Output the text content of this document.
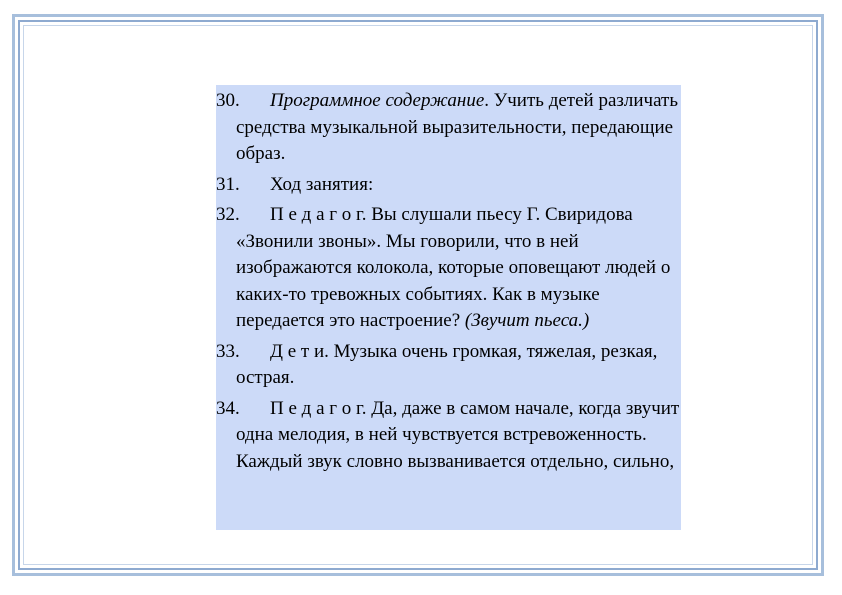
30. Программное содержание. Учить детей различать средства музыкальной выразительности, передающие образ.

31. Ход занятия:

32. П е д а г о г. Вы слушали пьесу Г. Свиридова «Звонили звоны». Мы говорили, что в ней изображаются колокола, которые оповещают людей о каких-то тревожных событиях. Как в музыке передается это настроение? (Звучит пьеса.)

33. Д е т и. Музыка очень громкая, тяжелая, резкая, острая.

34. П е д а г о г. Да, даже в самом начале, когда звучит одна мелодия, в ней чувствуется встревоженность. Каждый звук словно вызванивается отдельно, сильно,
